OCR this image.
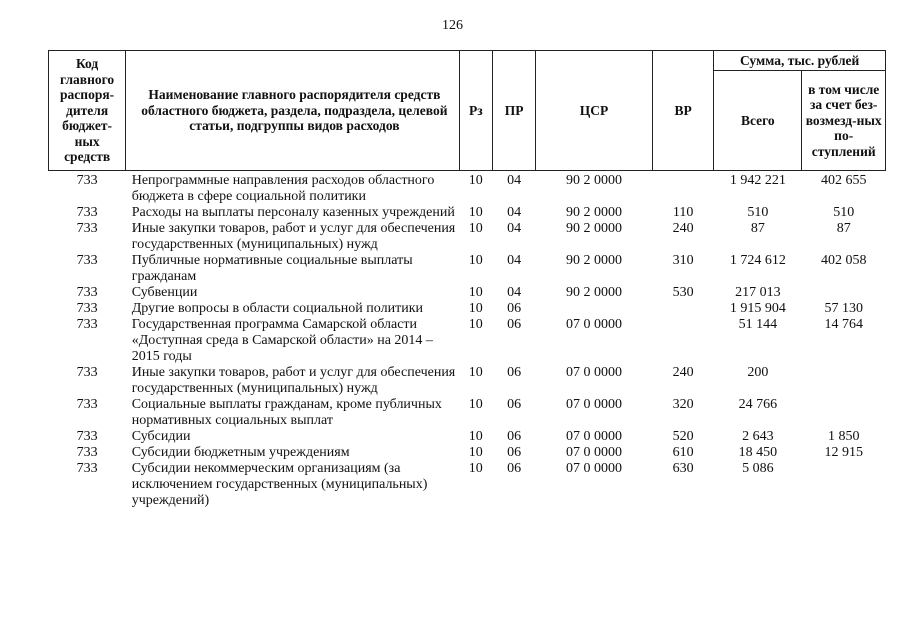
126
Код главного распоря-дителя бюджет-ных средств	Наименование главного распорядителя средств областного бюджета, раздела, подраздела, целевой статьи, подгруппы видов расходов	Рз	ПР	ЦСР	ВР	Сумма, тыс. рублей	
						Всего	в том числе за счет без-возмезд-ных по-ступлений
733	Непрограммные направления расходов областного бюджета в сфере социальной политики	10	04	90 2 0000		1 942 221	402 655
733	Расходы на выплаты персоналу казенных учреждений	10	04	90 2 0000	110	510	510
733	Иные закупки товаров, работ и услуг для обеспечения государственных (муниципальных) нужд	10	04	90 2 0000	240	87	87
733	Публичные нормативные социальные выплаты гражданам	10	04	90 2 0000	310	1 724 612	402 058
733	Субвенции	10	04	90 2 0000	530	217 013	
733	Другие вопросы в области социальной политики	10	06			1 915 904	57 130
733	Государственная программа Самарской области «Доступная среда в Самарской области» на 2014 – 2015 годы	10	06	07 0 0000		51 144	14 764
733	Иные закупки товаров, работ и услуг для обеспечения государственных (муниципальных) нужд	10	06	07 0 0000	240	200	
733	Социальные выплаты гражданам, кроме публичных нормативных социальных выплат	10	06	07 0 0000	320	24 766	
733	Субсидии	10	06	07 0 0000	520	2 643	1 850
733	Субсидии бюджетным учреждениям	10	06	07 0 0000	610	18 450	12 915
733	Субсидии некоммерческим организациям (за исключением государственных (муниципальных) учреждений)	10	06	07 0 0000	630	5 086	
